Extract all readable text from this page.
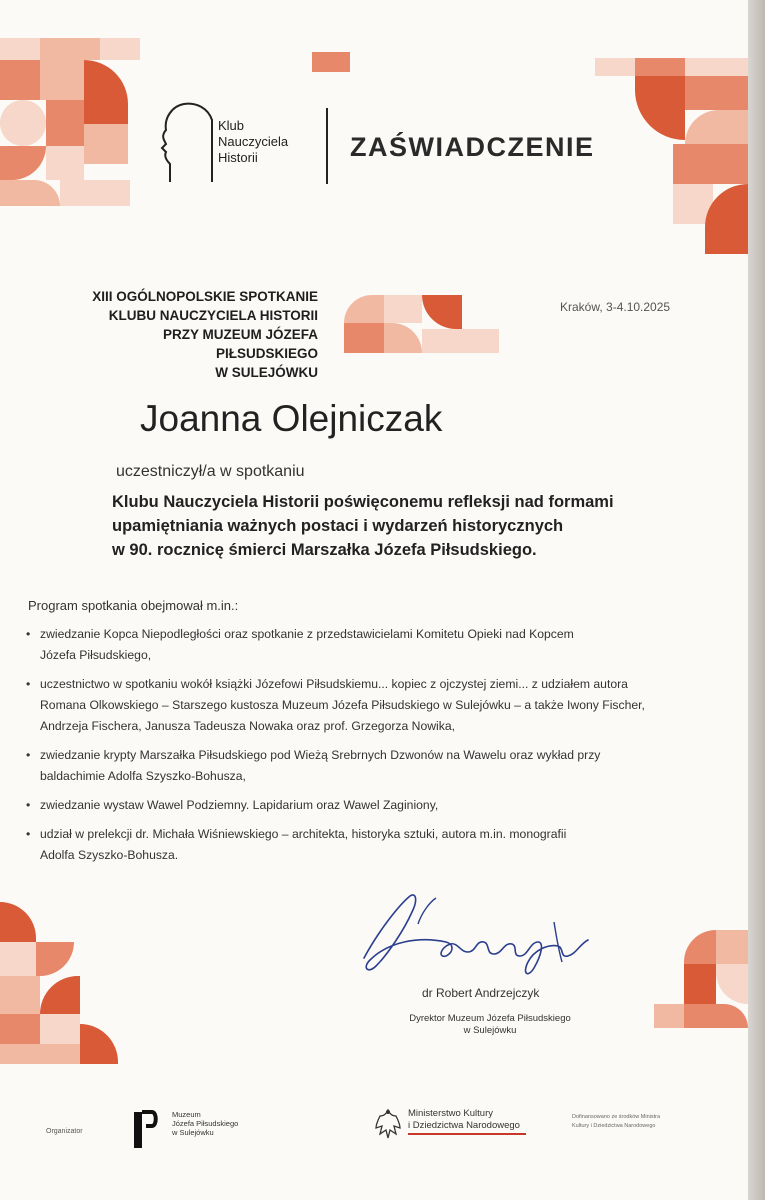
Klub
Nauczyciela
Historii	ZAŚWIADCZENIE
XIII OGÓLNOPOLSKIE SPOTKANIE
KLUBU NAUCZYCIELA HISTORII
PRZY MUZEUM JÓZEFA PIŁSUDSKIEGO
W SULEJÓWKU
Kraków, 3-4.10.2025
Joanna Olejniczak
uczestniczył/a w spotkaniu
Klubu Nauczyciela Historii poświęconemu refleksji nad formami
upamiętniania ważnych postaci i wydarzeń historycznych
w 90. rocznicę śmierci Marszałka Józefa Piłsudskiego.
Program spotkania obejmował m.in.:
• zwiedzanie Kopca Niepodległości oraz spotkanie z przedstawicielami Komitetu Opieki nad Kopcem
Józefa Piłsudskiego,
• uczestnictwo w spotkaniu wokół książki Józefowi Piłsudskiemu... kopiec z ojczystej ziemi... z udziałem autora
Romana Olkowskiego – Starszego kustosza Muzeum Józefa Piłsudskiego w Sulejówku – a także Iwony Fischer,
Andrzeja Fischera, Janusza Tadeusza Nowaka oraz prof. Grzegorza Nowika,
• zwiedzanie krypty Marszałka Piłsudskiego pod Wieżą Srebrnych Dzwonów na Wawelu oraz wykład przy
baldachimie Adolfa Szyszko-Bohusza,
• zwiedzanie wystaw Wawel Podziemny. Lapidarium oraz Wawel Zaginiony,
• udział w prelekcji dr. Michała Wiśniewskiego – architekta, historyka sztuki, autora m.in. monografii
Adolfa Szyszko-Bohusza.
dr Robert Andrzejczyk
Dyrektor Muzeum Józefa Piłsudskiego
w Sulejówku
Organizator
Muzeum
Józefa Piłsudskiego
w Sulejówku
Ministerstwo Kultury
i Dziedzictwa Narodowego
Dofinansowano ze środków Ministra
Kultury i Dziedzictwa Narodowego
